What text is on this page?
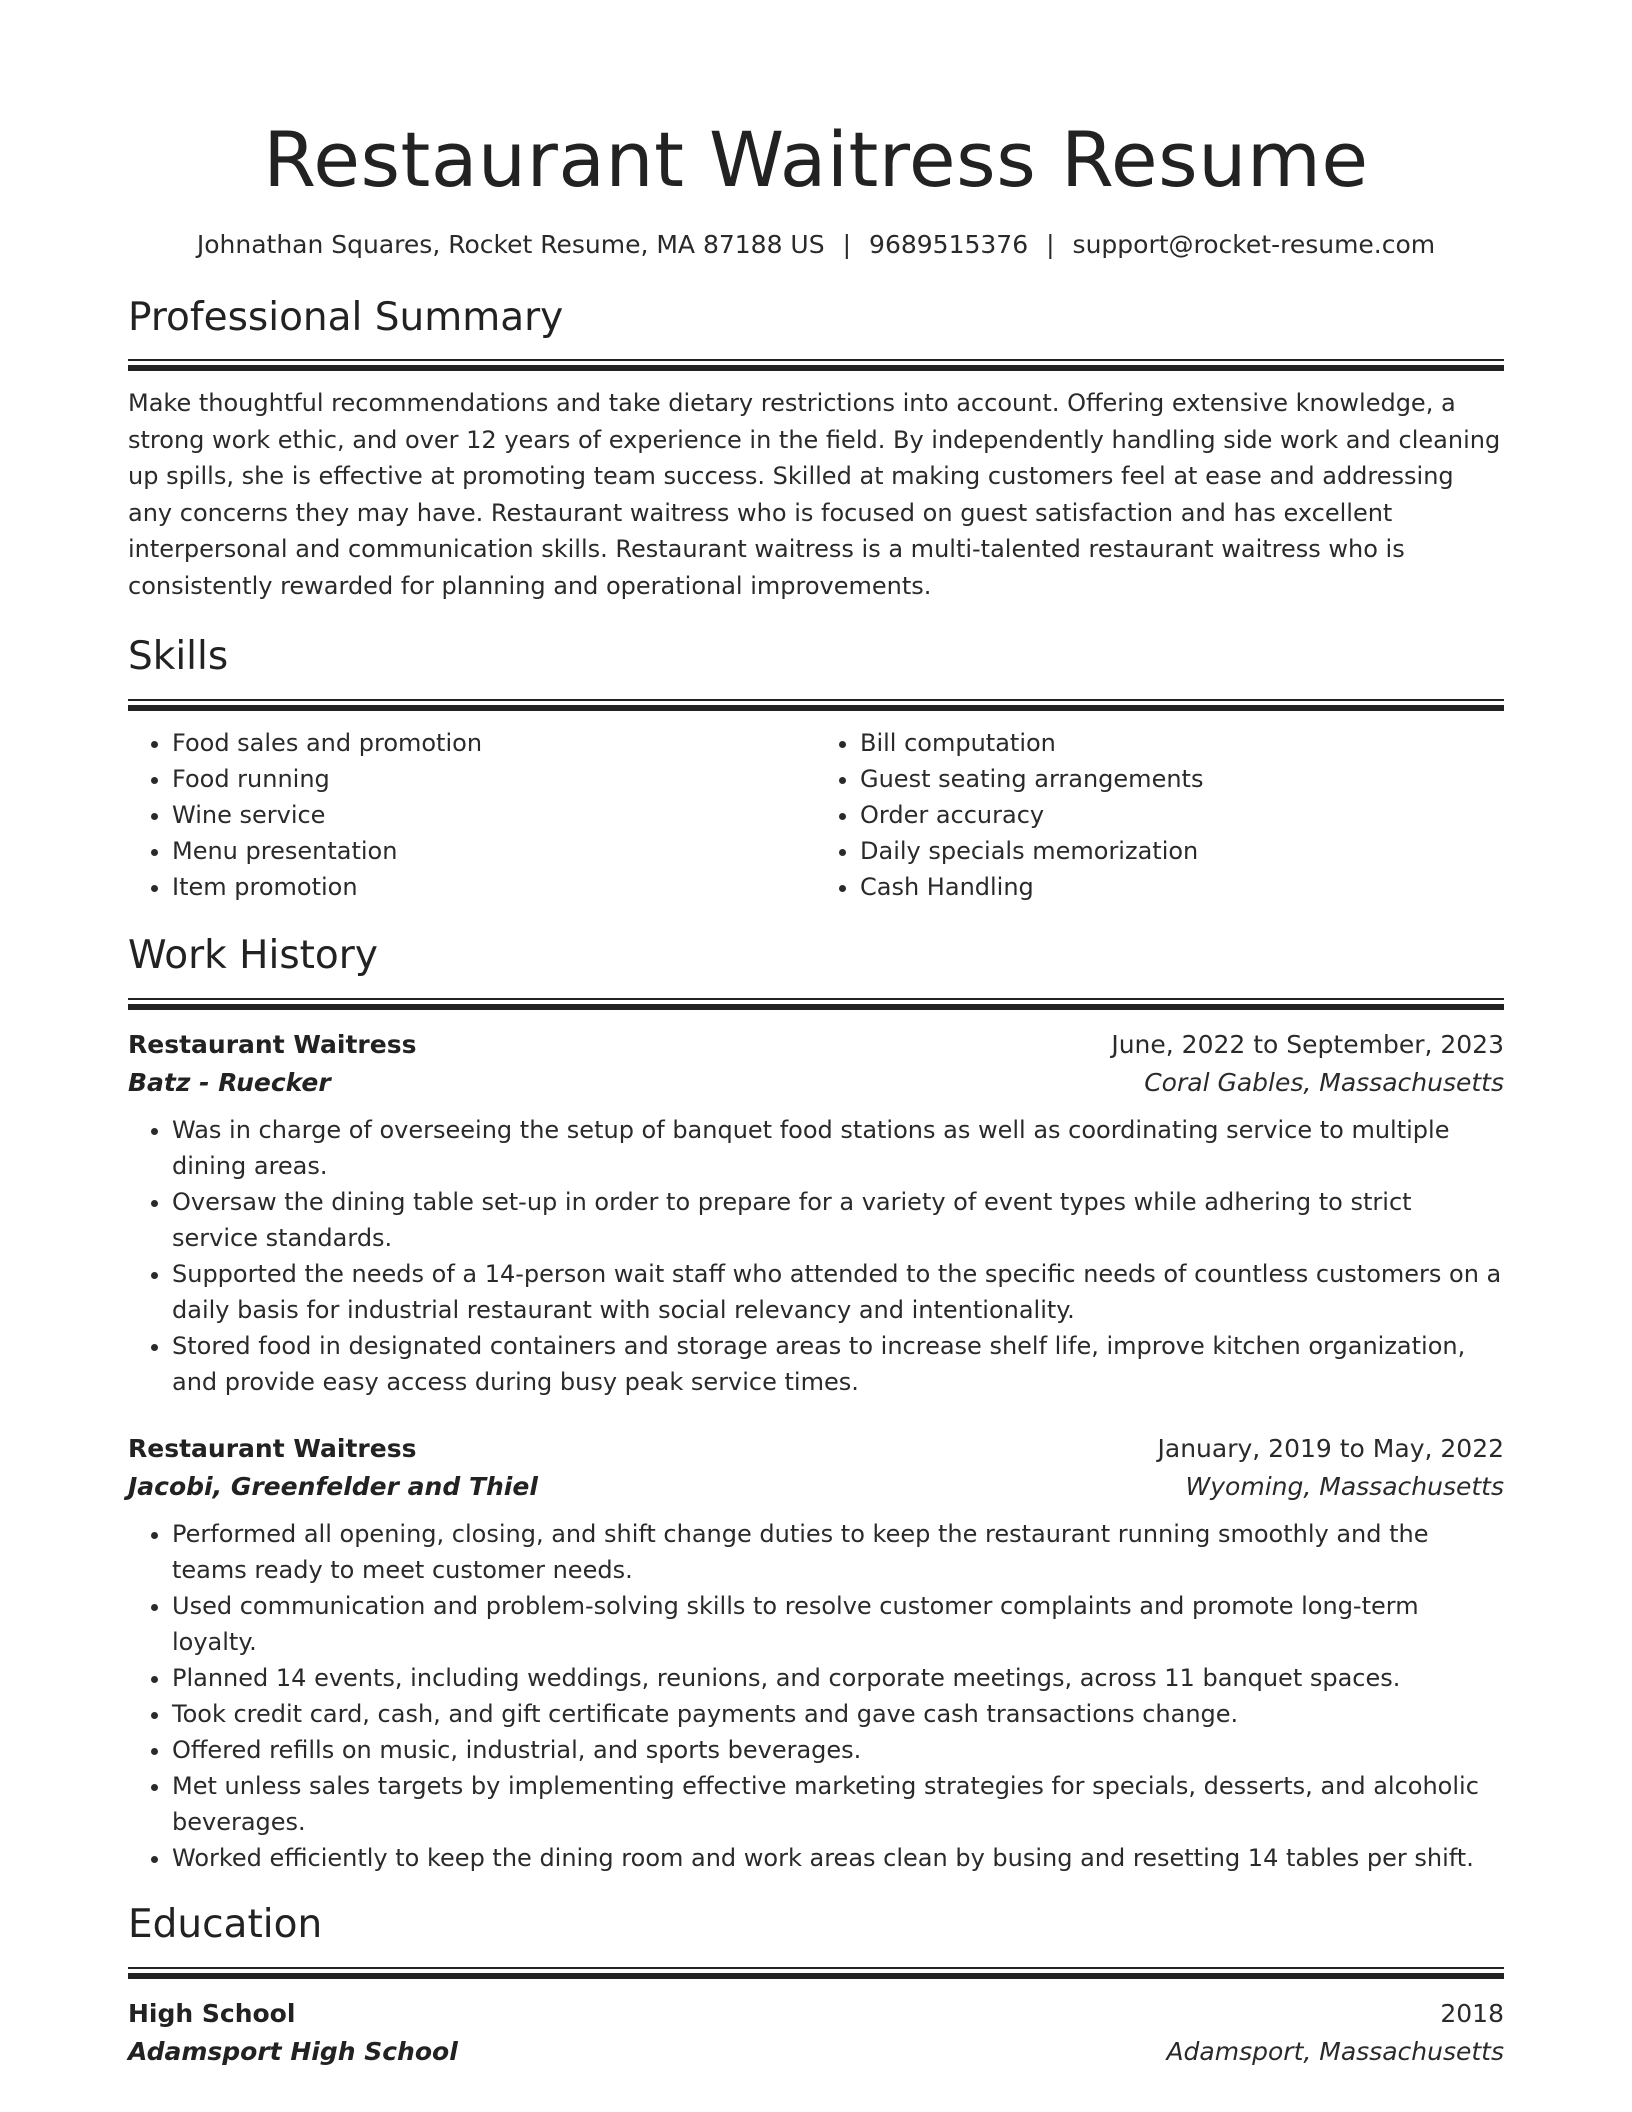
Restaurant Waitress Resume
Johnathan Squares, Rocket Resume, MA 87188 US | 9689515376 | support@rocket-resume.com
Professional Summary
Make thoughtful recommendations and take dietary restrictions into account. Offering extensive knowledge, a strong work ethic, and over 12 years of experience in the field. By independently handling side work and cleaning up spills, she is effective at promoting team success. Skilled at making customers feel at ease and addressing any concerns they may have. Restaurant waitress who is focused on guest satisfaction and has excellent interpersonal and communication skills. Restaurant waitress is a multi-talented restaurant waitress who is consistently rewarded for planning and operational improvements.
Skills
• Food sales and promotion
• Food running
• Wine service
• Menu presentation
• Item promotion
• Bill computation
• Guest seating arrangements
• Order accuracy
• Daily specials memorization
• Cash Handling
Work History
Restaurant Waitress	June, 2022 to September, 2023
Batz - Ruecker	Coral Gables, Massachusetts
• Was in charge of overseeing the setup of banquet food stations as well as coordinating service to multiple dining areas.
• Oversaw the dining table set-up in order to prepare for a variety of event types while adhering to strict service standards.
• Supported the needs of a 14-person wait staff who attended to the specific needs of countless customers on a daily basis for industrial restaurant with social relevancy and intentionality.
• Stored food in designated containers and storage areas to increase shelf life, improve kitchen organization, and provide easy access during busy peak service times.
Restaurant Waitress	January, 2019 to May, 2022
Jacobi, Greenfelder and Thiel	Wyoming, Massachusetts
• Performed all opening, closing, and shift change duties to keep the restaurant running smoothly and the teams ready to meet customer needs.
• Used communication and problem-solving skills to resolve customer complaints and promote long-term loyalty.
• Planned 14 events, including weddings, reunions, and corporate meetings, across 11 banquet spaces.
• Took credit card, cash, and gift certificate payments and gave cash transactions change.
• Offered refills on music, industrial, and sports beverages.
• Met unless sales targets by implementing effective marketing strategies for specials, desserts, and alcoholic beverages.
• Worked efficiently to keep the dining room and work areas clean by busing and resetting 14 tables per shift.
Education
High School	2018
Adamsport High School	Adamsport, Massachusetts
